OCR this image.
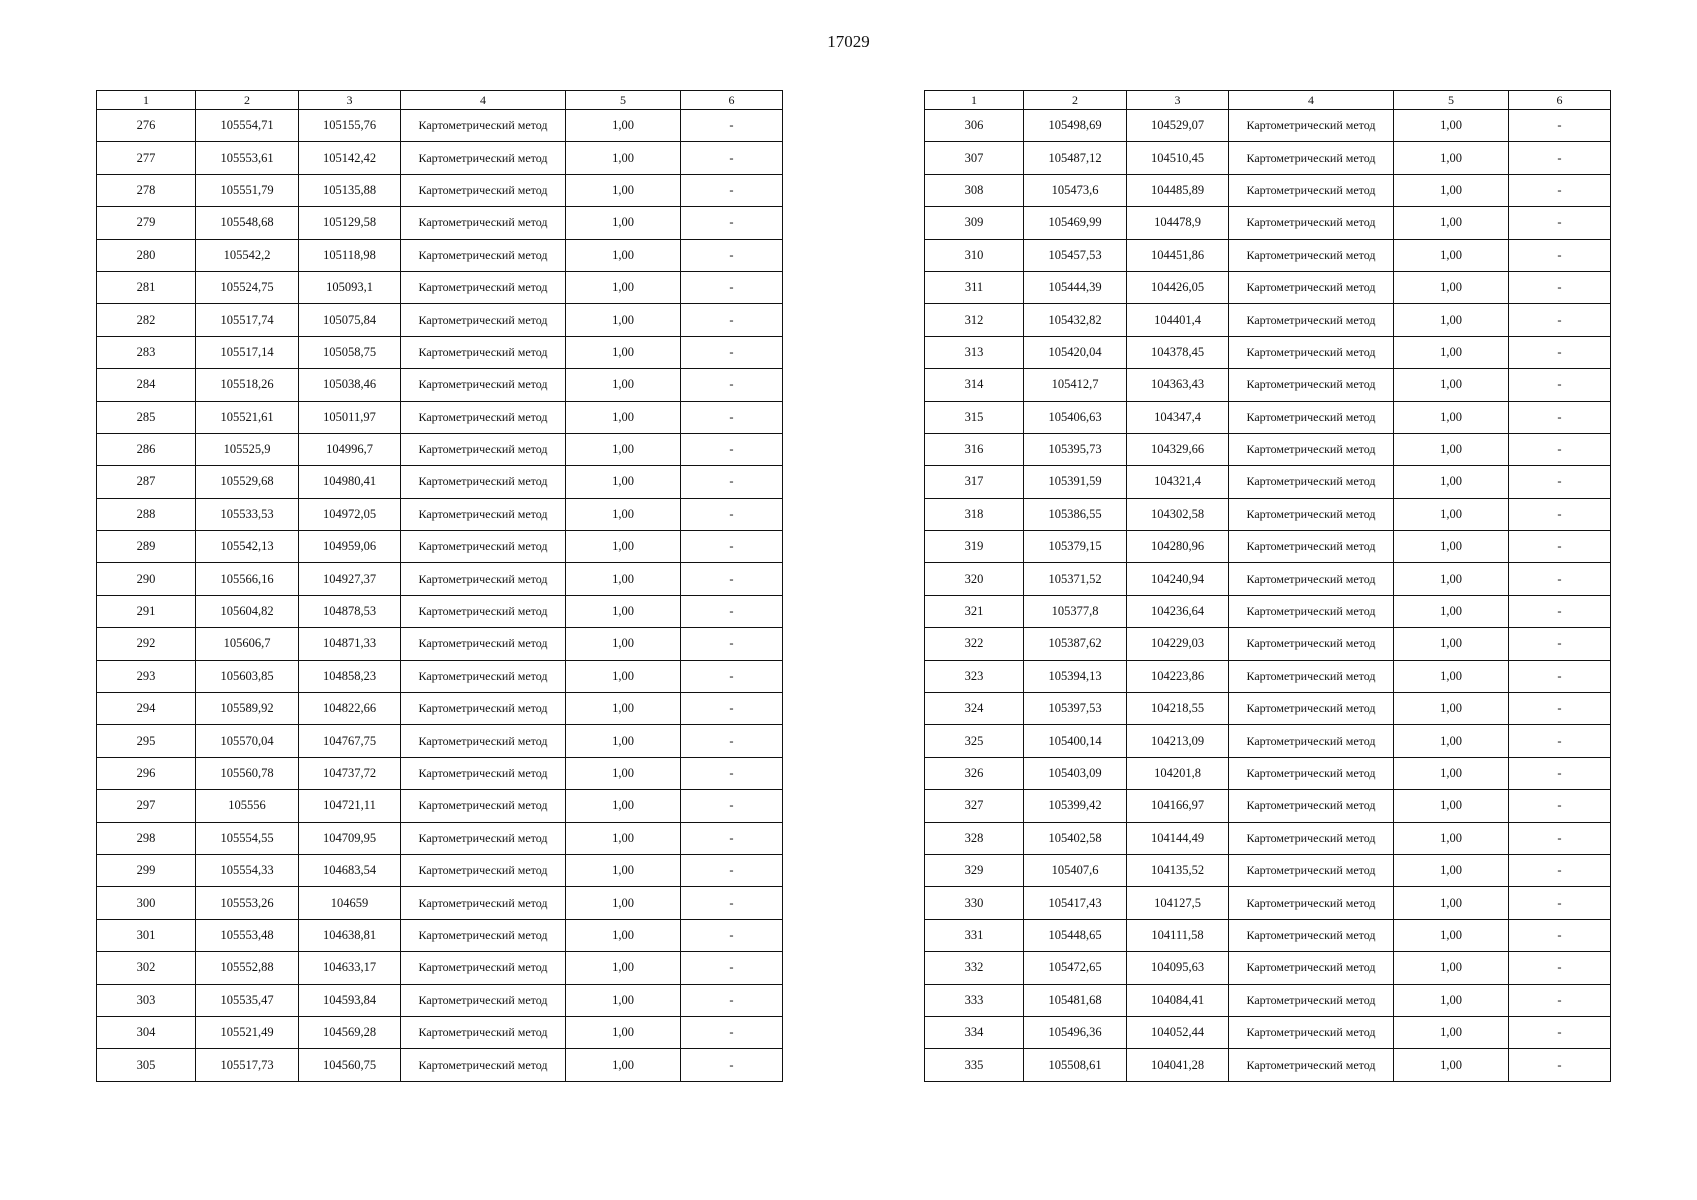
17029
1	2	3	4	5	6
276	105554,71	105155,76	Картометрический метод	1,00	-
277	105553,61	105142,42	Картометрический метод	1,00	-
278	105551,79	105135,88	Картометрический метод	1,00	-
279	105548,68	105129,58	Картометрический метод	1,00	-
280	105542,2	105118,98	Картометрический метод	1,00	-
281	105524,75	105093,1	Картометрический метод	1,00	-
282	105517,74	105075,84	Картометрический метод	1,00	-
283	105517,14	105058,75	Картометрический метод	1,00	-
284	105518,26	105038,46	Картометрический метод	1,00	-
285	105521,61	105011,97	Картометрический метод	1,00	-
286	105525,9	104996,7	Картометрический метод	1,00	-
287	105529,68	104980,41	Картометрический метод	1,00	-
288	105533,53	104972,05	Картометрический метод	1,00	-
289	105542,13	104959,06	Картометрический метод	1,00	-
290	105566,16	104927,37	Картометрический метод	1,00	-
291	105604,82	104878,53	Картометрический метод	1,00	-
292	105606,7	104871,33	Картометрический метод	1,00	-
293	105603,85	104858,23	Картометрический метод	1,00	-
294	105589,92	104822,66	Картометрический метод	1,00	-
295	105570,04	104767,75	Картометрический метод	1,00	-
296	105560,78	104737,72	Картометрический метод	1,00	-
297	105556	104721,11	Картометрический метод	1,00	-
298	105554,55	104709,95	Картометрический метод	1,00	-
299	105554,33	104683,54	Картометрический метод	1,00	-
300	105553,26	104659	Картометрический метод	1,00	-
301	105553,48	104638,81	Картометрический метод	1,00	-
302	105552,88	104633,17	Картометрический метод	1,00	-
303	105535,47	104593,84	Картометрический метод	1,00	-
304	105521,49	104569,28	Картометрический метод	1,00	-
305	105517,73	104560,75	Картометрический метод	1,00	-
1	2	3	4	5	6
306	105498,69	104529,07	Картометрический метод	1,00	-
307	105487,12	104510,45	Картометрический метод	1,00	-
308	105473,6	104485,89	Картометрический метод	1,00	-
309	105469,99	104478,9	Картометрический метод	1,00	-
310	105457,53	104451,86	Картометрический метод	1,00	-
311	105444,39	104426,05	Картометрический метод	1,00	-
312	105432,82	104401,4	Картометрический метод	1,00	-
313	105420,04	104378,45	Картометрический метод	1,00	-
314	105412,7	104363,43	Картометрический метод	1,00	-
315	105406,63	104347,4	Картометрический метод	1,00	-
316	105395,73	104329,66	Картометрический метод	1,00	-
317	105391,59	104321,4	Картометрический метод	1,00	-
318	105386,55	104302,58	Картометрический метод	1,00	-
319	105379,15	104280,96	Картометрический метод	1,00	-
320	105371,52	104240,94	Картометрический метод	1,00	-
321	105377,8	104236,64	Картометрический метод	1,00	-
322	105387,62	104229,03	Картометрический метод	1,00	-
323	105394,13	104223,86	Картометрический метод	1,00	-
324	105397,53	104218,55	Картометрический метод	1,00	-
325	105400,14	104213,09	Картометрический метод	1,00	-
326	105403,09	104201,8	Картометрический метод	1,00	-
327	105399,42	104166,97	Картометрический метод	1,00	-
328	105402,58	104144,49	Картометрический метод	1,00	-
329	105407,6	104135,52	Картометрический метод	1,00	-
330	105417,43	104127,5	Картометрический метод	1,00	-
331	105448,65	104111,58	Картометрический метод	1,00	-
332	105472,65	104095,63	Картометрический метод	1,00	-
333	105481,68	104084,41	Картометрический метод	1,00	-
334	105496,36	104052,44	Картометрический метод	1,00	-
335	105508,61	104041,28	Картометрический метод	1,00	-
